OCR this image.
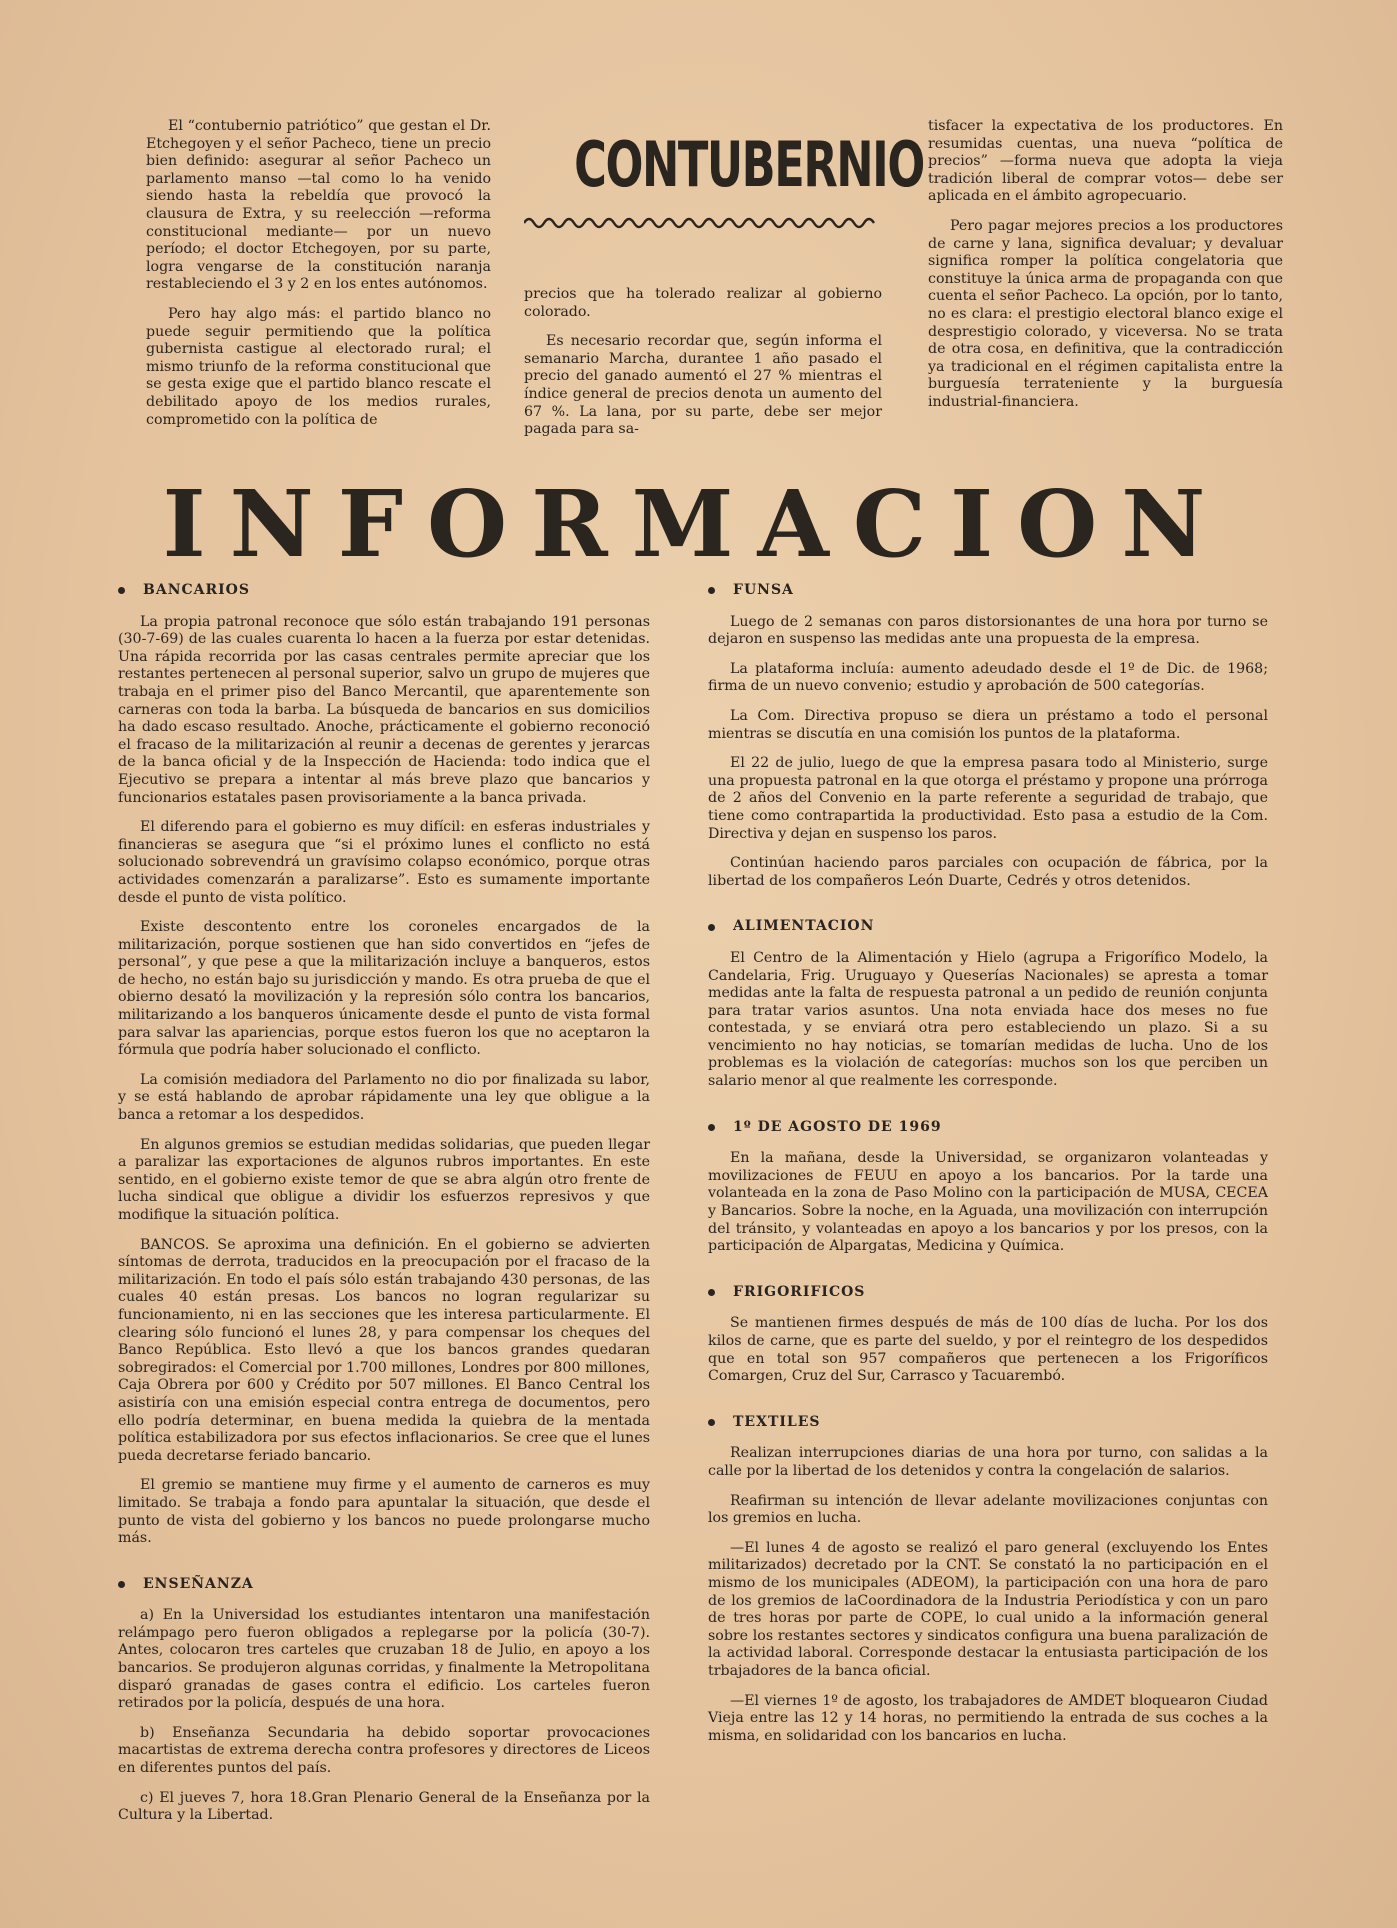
El “contubernio patriótico” que gestan el Dr. Etchegoyen y el señor Pacheco, tiene un precio bien definido: asegurar al señor Pacheco un parlamento manso —tal como lo ha venido siendo hasta la rebeldía que provocó la clausura de Extra, y su reelección —reforma constitucional mediante— por un nuevo período; el doctor Etchegoyen, por su parte, logra vengarse de la constitución naranja restableciendo el 3 y 2 en los entes autónomos.

Pero hay algo más: el partido blanco no puede seguir permitiendo que la política gubernista castigue al electorado rural; el mismo triunfo de la reforma constitucional que se gesta exige que el partido blanco rescate el debilitado apoyo de los medios rurales, comprometido con la política de

CONTUBERNIO

precios que ha tolerado realizar al gobierno colorado.

Es necesario recordar que, según informa el semanario Marcha, durantee 1 año pasado el precio del ganado aumentó el 27 % mientras el índice general de precios denota un aumento del 67 %. La lana, por su parte, debe ser mejor pagada para sa-

tisfacer la expectativa de los productores. En resumidas cuentas, una nueva “política de precios” —forma nueva que adopta la vieja tradición liberal de comprar votos— debe ser aplicada en el ámbito agropecuario.

Pero pagar mejores precios a los productores de carne y lana, significa devaluar; y devaluar significa romper la política congelatoria que constituye la única arma de propaganda con que cuenta el señor Pacheco. La opción, por lo tanto, no es clara: el prestigio electoral blanco exige el desprestigio colorado, y viceversa. No se trata de otra cosa, en definitiva, que la contradicción ya tradicional en el régimen capitalista entre la burguesía terrateniente y la burguesía industrial-financiera.

INFORMACION
BANCARIOS

La propia patronal reconoce que sólo están trabajando 191 personas (30-7-69) de las cuales cuarenta lo hacen a la fuerza por estar detenidas. Una rápida recorrida por las casas centrales permite apreciar que los restantes pertenecen al personal superior, salvo un grupo de mujeres que trabaja en el primer piso del Banco Mercantil, que aparentemente son carneras con toda la barba. La búsqueda de bancarios en sus domicilios ha dado escaso resultado. Anoche, prácticamente el gobierno reconoció el fracaso de la militarización al reunir a decenas de gerentes y jerarcas de la banca oficial y de la Inspección de Hacienda: todo indica que el Ejecutivo se prepara a intentar al más breve plazo que bancarios y funcionarios estatales pasen provisoriamente a la banca privada.

El diferendo para el gobierno es muy difícil: en esferas industriales y financieras se asegura que “si el próximo lunes el conflicto no está solucionado sobrevendrá un gravísimo colapso económico, porque otras actividades comenzarán a paralizarse”. Esto es sumamente importante desde el punto de vista político.

Existe descontento entre los coroneles encargados de la militarización, porque sostienen que han sido convertidos en “jefes de personal”, y que pese a que la militarización incluye a banqueros, estos de hecho, no están bajo su jurisdicción y mando. Es otra prueba de que el obierno desató la movilización y la represión sólo contra los bancarios, militarizando a los banqueros únicamente desde el punto de vista formal para salvar las apariencias, porque estos fueron los que no aceptaron la fórmula que podría haber solucionado el conflicto.

La comisión mediadora del Parlamento no dio por finalizada su labor, y se está hablando de aprobar rápidamente una ley que obligue a la banca a retomar a los despedidos.

En algunos gremios se estudian medidas solidarias, que pueden llegar a paralizar las exportaciones de algunos rubros importantes. En este sentido, en el gobierno existe temor de que se abra algún otro frente de lucha sindical que obligue a dividir los esfuerzos represivos y que modifique la situación política.

BANCOS. Se aproxima una definición. En el gobierno se advierten síntomas de derrota, traducidos en la preocupación por el fracaso de la militarización. En todo el país sólo están trabajando 430 personas, de las cuales 40 están presas. Los bancos no logran regularizar su funcionamiento, ni en las secciones que les interesa particularmente. El clearing sólo funcionó el lunes 28, y para compensar los cheques del Banco República. Esto llevó a que los bancos grandes quedaran sobregirados: el Comercial por 1.700 millones, Londres por 800 millones, Caja Obrera por 600 y Crédito por 507 millones. El Banco Central los asistiría con una emisión especial contra entrega de documentos, pero ello podría determinar, en buena medida la quiebra de la mentada política estabilizadora por sus efectos inflacionarios. Se cree que el lunes pueda decretarse feriado bancario.

El gremio se mantiene muy firme y el aumento de carneros es muy limitado. Se trabaja a fondo para apuntalar la situación, que desde el punto de vista del gobierno y los bancos no puede prolongarse mucho más.

ENSEÑANZA

a) En la Universidad los estudiantes intentaron una manifestación relámpago pero fueron obligados a replegarse por la policía (30-7). Antes, colocaron tres carteles que cruzaban 18 de Julio, en apoyo a los bancarios. Se produjeron algunas corridas, y finalmente la Metropolitana disparó granadas de gases contra el edificio. Los carteles fueron retirados por la policía, después de una hora.

b) Enseñanza Secundaria ha debido soportar provocaciones macartistas de extrema derecha contra profesores y directores de Liceos en diferentes puntos del país.

c) El jueves 7, hora 18.Gran Plenario General de la Enseñanza por la Cultura y la Libertad.

FUNSA

Luego de 2 semanas con paros distorsionantes de una hora por turno se dejaron en suspenso las medidas ante una propuesta de la empresa.

La plataforma incluía: aumento adeudado desde el 1º de Dic. de 1968; firma de un nuevo convenio; estudio y aprobación de 500 categorías.

La Com. Directiva propuso se diera un préstamo a todo el personal mientras se discutía en una comisión los puntos de la plataforma.

El 22 de julio, luego de que la empresa pasara todo al Ministerio, surge una propuesta patronal en la que otorga el préstamo y propone una prórroga de 2 años del Convenio en la parte referente a seguridad de trabajo, que tiene como contrapartida la productividad. Esto pasa a estudio de la Com. Directiva y dejan en suspenso los paros.

Continúan haciendo paros parciales con ocupación de fábrica, por la libertad de los compañeros León Duarte, Cedrés y otros detenidos.

ALIMENTACION

El Centro de la Alimentación y Hielo (agrupa a Frigorífico Modelo, la Candelaria, Frig. Uruguayo y Queserías Nacionales) se apresta a tomar medidas ante la falta de respuesta patronal a un pedido de reunión conjunta para tratar varios asuntos. Una nota enviada hace dos meses no fue contestada, y se enviará otra pero estableciendo un plazo. Si a su vencimiento no hay noticias, se tomarían medidas de lucha. Uno de los problemas es la violación de categorías: muchos son los que perciben un salario menor al que realmente les corresponde.

1º DE AGOSTO DE 1969

En la mañana, desde la Universidad, se organizaron volanteadas y movilizaciones de FEUU en apoyo a los bancarios. Por la tarde una volanteada en la zona de Paso Molino con la participación de MUSA, CECEA y Bancarios. Sobre la noche, en la Aguada, una movilización con interrupción del tránsito, y volanteadas en apoyo a los bancarios y por los presos, con la participación de Alpargatas, Medicina y Química.

FRIGORIFICOS

Se mantienen firmes después de más de 100 días de lucha. Por los dos kilos de carne, que es parte del sueldo, y por el reintegro de los despedidos que en total son 957 compañeros que pertenecen a los Frigoríficos Comargen, Cruz del Sur, Carrasco y Tacuarembó.

TEXTILES

Realizan interrupciones diarias de una hora por turno, con salidas a la calle por la libertad de los detenidos y contra la congelación de salarios.

Reafirman su intención de llevar adelante movilizaciones conjuntas con los gremios en lucha.

—El lunes 4 de agosto se realizó el paro general (excluyendo los Entes militarizados) decretado por la CNT. Se constató la no participación en el mismo de los municipales (ADEOM), la participación con una hora de paro de los gremios de laCoordinadora de la Industria Periodística y con un paro de tres horas por parte de COPE, lo cual unido a la información general sobre los restantes sectores y sindicatos configura una buena paralización de la actividad laboral. Corresponde destacar la entusiasta participación de los trbajadores de la banca oficial.

—El viernes 1º de agosto, los trabajadores de AMDET bloquearon Ciudad Vieja entre las 12 y 14 horas, no permitiendo la entrada de sus coches a la misma, en solidaridad con los bancarios en lucha.
